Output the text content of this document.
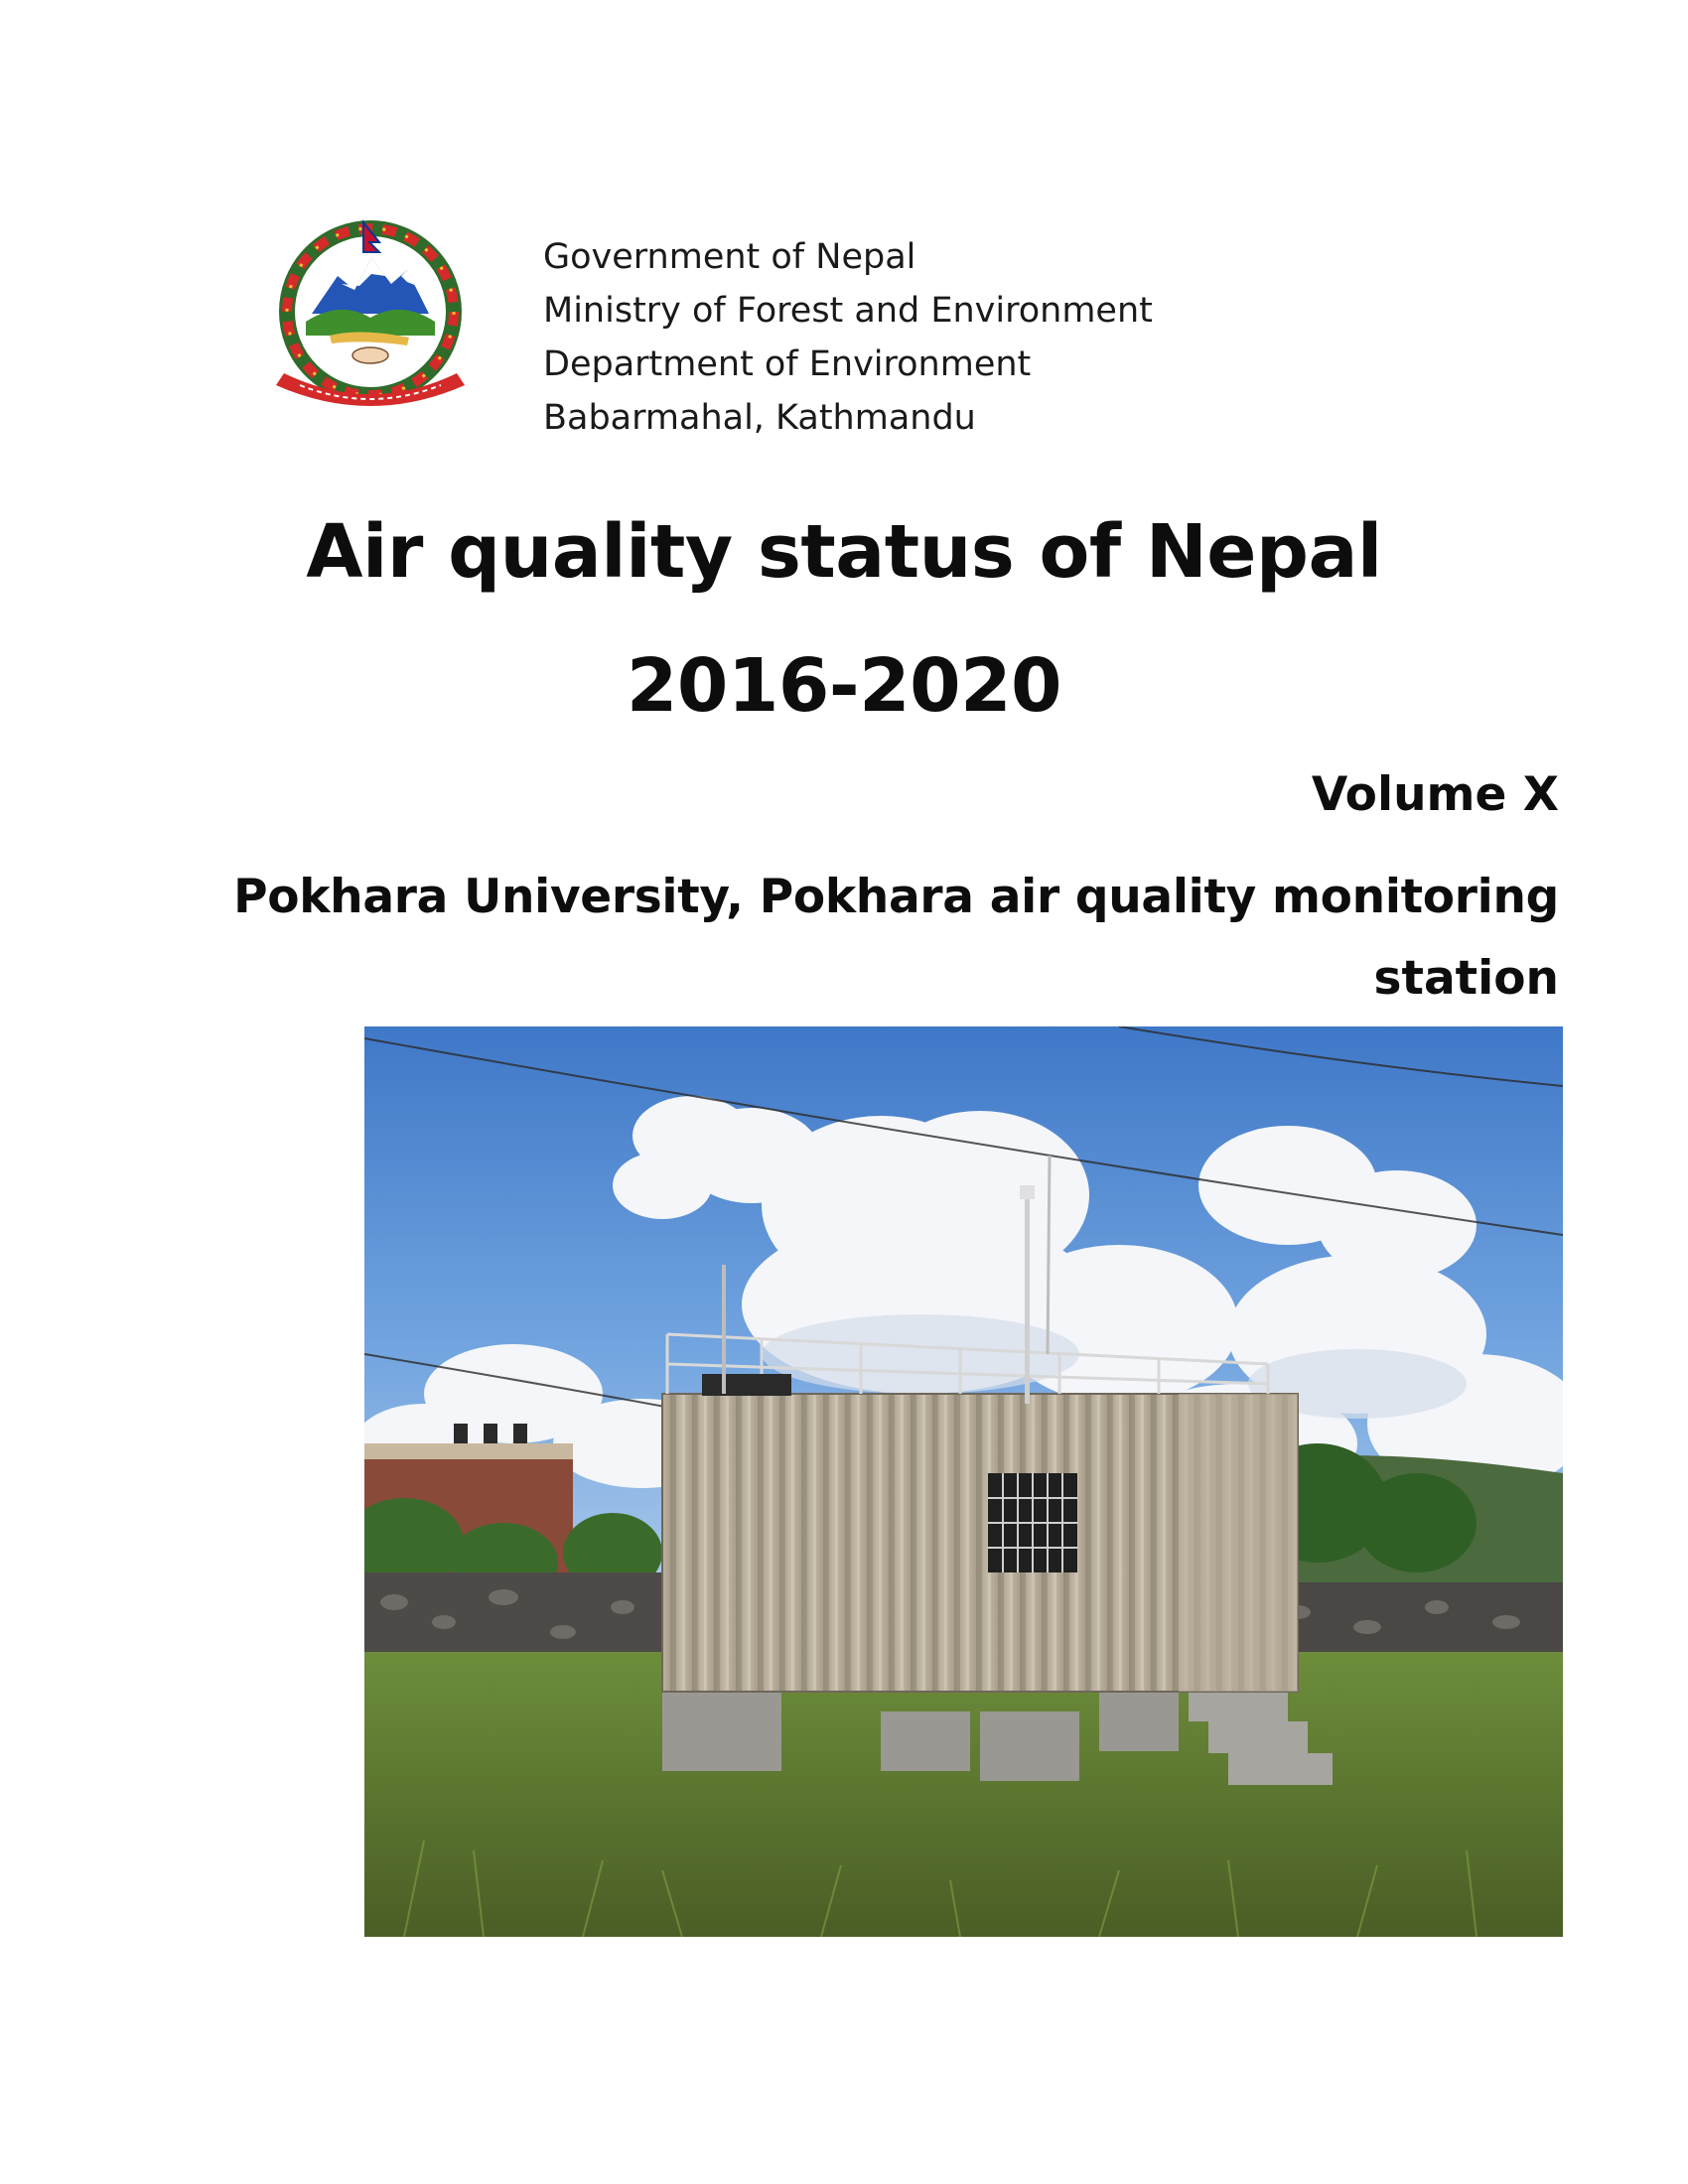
Government of Nepal
Ministry of Forest and Environment
Department of Environment
Babarmahal, Kathmandu
Air quality status of Nepal
2016-2020
Volume X
Pokhara University, Pokhara air quality monitoring
station
